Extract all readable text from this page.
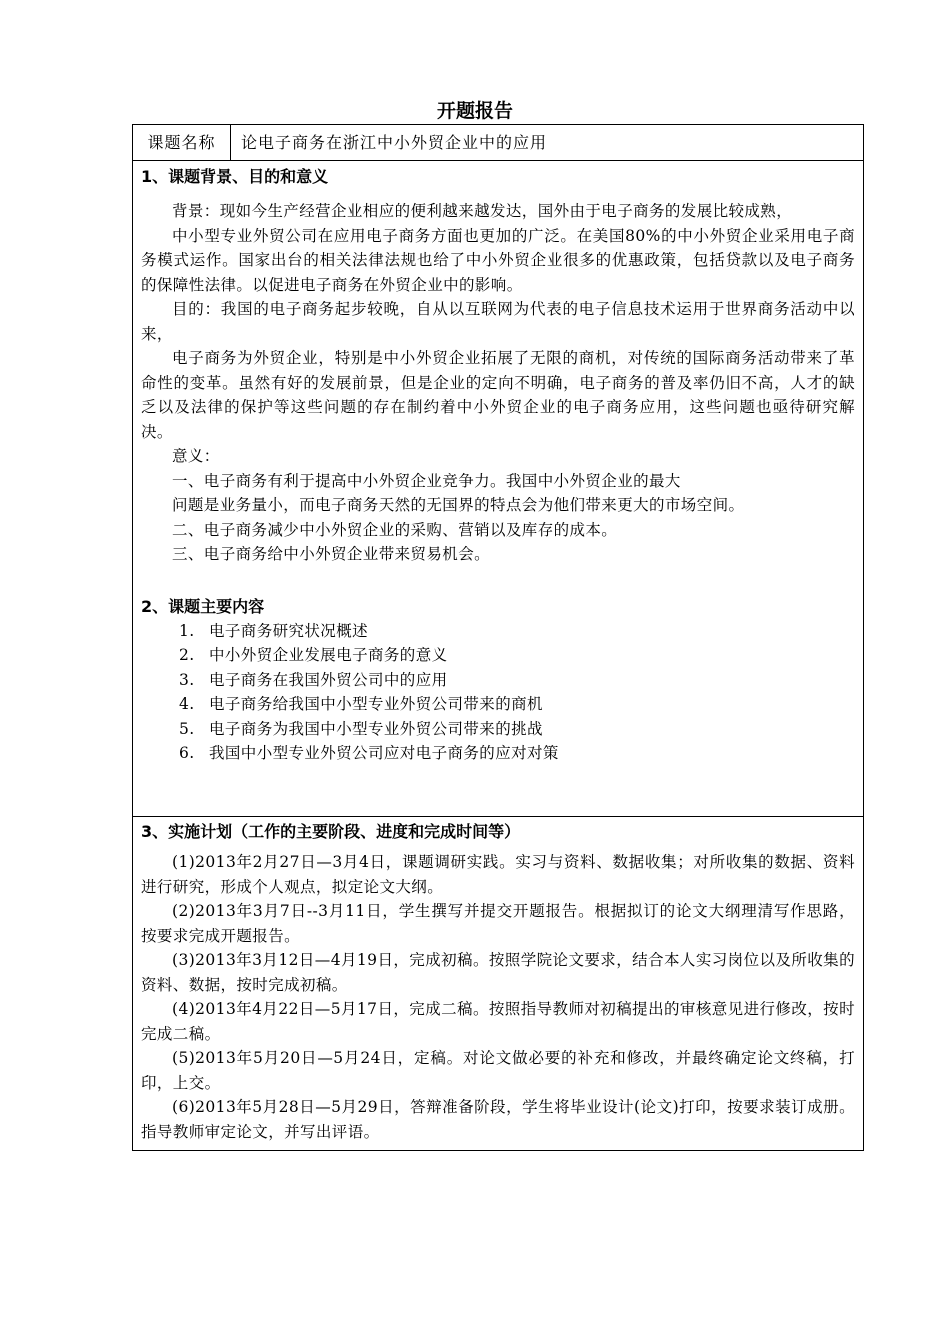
开题报告
课题名称	论电子商务在浙江中小外贸企业中的应用
1、课题背景、目的和意义

背景：现如今生产经营企业相应的便利越来越发达，国外由于电子商务的发展比较成熟，

中小型专业外贸公司在应用电子商务方面也更加的广泛。在美国80%的中小外贸企业采用电子商务模式运作。国家出台的相关法律法规也给了中小外贸企业很多的优惠政策，包括贷款以及电子商务的保障性法律。以促进电子商务在外贸企业中的影响。

目的：我国的电子商务起步较晚，自从以互联网为代表的电子信息技术运用于世界商务活动中以来，

电子商务为外贸企业，特别是中小外贸企业拓展了无限的商机，对传统的国际商务活动带来了革命性的变革。虽然有好的发展前景，但是企业的定向不明确，电子商务的普及率仍旧不高，人才的缺乏以及法律的保护等这些问题的存在制约着中小外贸企业的电子商务应用，这些问题也亟待研究解决。

意义：

一、电子商务有利于提高中小外贸企业竞争力。我国中小外贸企业的最大

问题是业务量小，而电子商务天然的无国界的特点会为他们带来更大的市场空间。

二、电子商务减少中小外贸企业的采购、营销以及库存的成本。

三、电子商务给中小外贸企业带来贸易机会。

2、课题主要内容
1. 电子商务研究状况概述
2. 中小外贸企业发展电子商务的意义
3. 电子商务在我国外贸公司中的应用
4. 电子商务给我国中小型专业外贸公司带来的商机
5. 电子商务为我国中小型专业外贸公司带来的挑战
6. 我国中小型专业外贸公司应对电子商务的应对对策
3、实施计划（工作的主要阶段、进度和完成时间等）

(1)2013年2月27日—3月4日，课题调研实践。实习与资料、数据收集；对所收集的数据、资料进行研究，形成个人观点，拟定论文大纲。

(2)2013年3月7日--3月11日，学生撰写并提交开题报告。根据拟订的论文大纲理清写作思路，按要求完成开题报告。

(3)2013年3月12日—4月19日，完成初稿。按照学院论文要求，结合本人实习岗位以及所收集的资料、数据，按时完成初稿。

(4)2013年4月22日—5月17日，完成二稿。按照指导教师对初稿提出的审核意见进行修改，按时完成二稿。

(5)2013年5月20日—5月24日，定稿。对论文做必要的补充和修改，并最终确定论文终稿，打印，上交。

(6)2013年5月28日—5月29日，答辩准备阶段，学生将毕业设计(论文)打印，按要求装订成册。指导教师审定论文，并写出评语。
